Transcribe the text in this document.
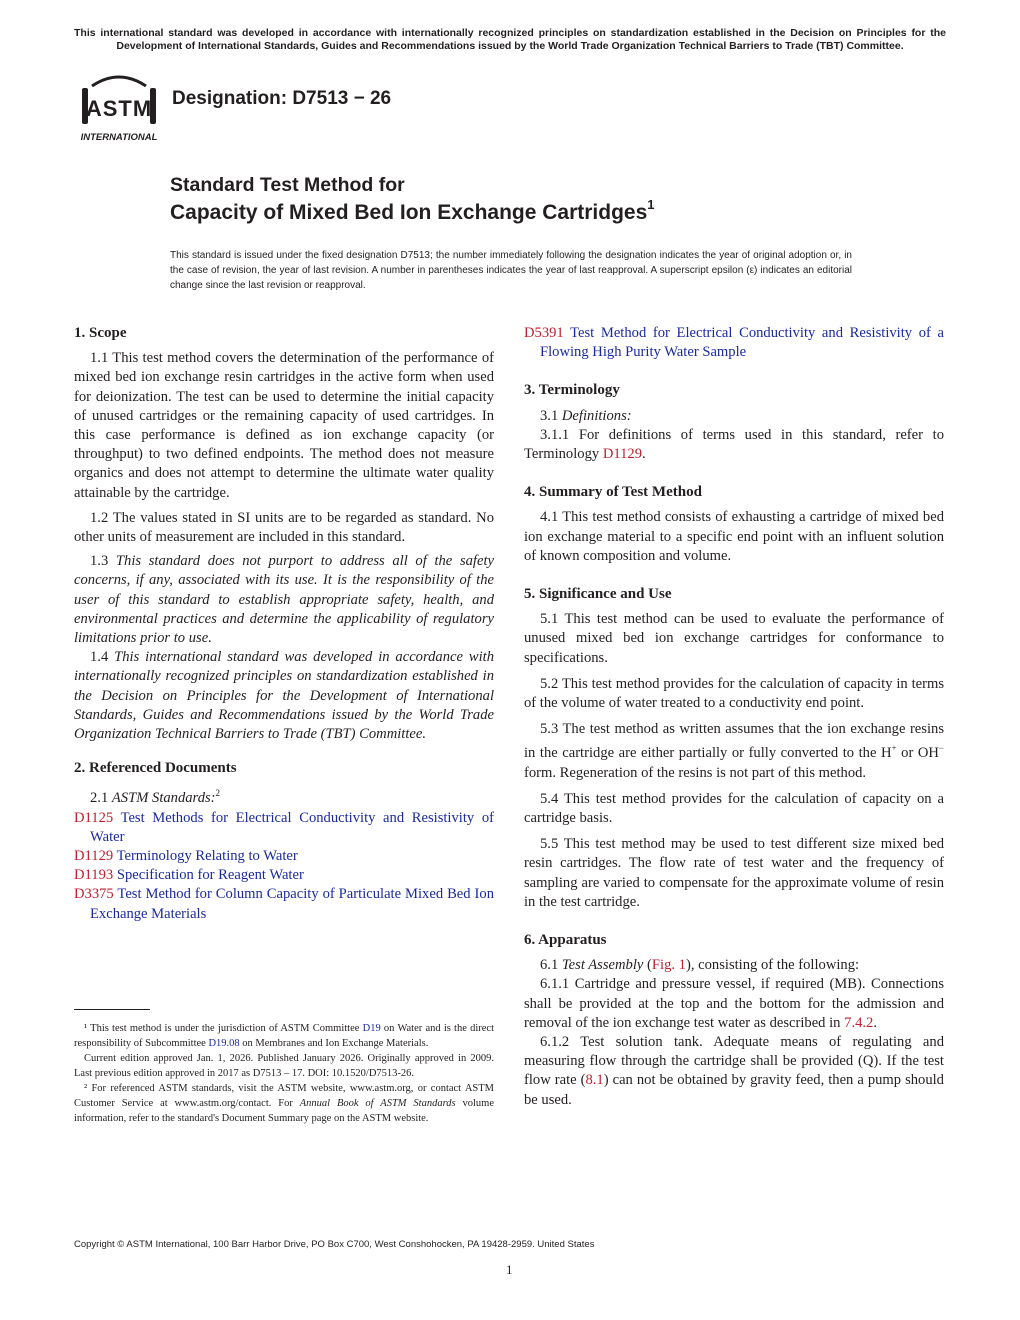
This international standard was developed in accordance with internationally recognized principles on standardization established in the Decision on Principles for the Development of International Standards, Guides and Recommendations issued by the World Trade Organization Technical Barriers to Trade (TBT) Committee.
ASTM
INTERNATIONAL
Designation: D7513 − 26
Standard Test Method for
Capacity of Mixed Bed Ion Exchange Cartridges$^1$
This standard is issued under the fixed designation D7513; the number immediately following the designation indicates the year of original adoption or, in the case of revision, the year of last revision. A number in parentheses indicates the year of last reapproval. A superscript epsilon (ε) indicates an editorial change since the last revision or reapproval.

1. Scope

1.1 This test method covers the determination of the performance of mixed bed ion exchange resin cartridges in the active form when used for deionization. The test can be used to determine the initial capacity of unused cartridges or the remaining capacity of used cartridges. In this case performance is defined as ion exchange capacity (or throughput) to two defined endpoints. The method does not measure organics and does not attempt to determine the ultimate water quality attainable by the cartridge.

1.2 The values stated in SI units are to be regarded as standard. No other units of measurement are included in this standard.

1.3 This standard does not purport to address all of the safety concerns, if any, associated with its use. It is the responsibility of the user of this standard to establish appropriate safety, health, and environmental practices and determine the applicability of regulatory limitations prior to use.

1.4 This international standard was developed in accordance with internationally recognized principles on standardization established in the Decision on Principles for the Development of International Standards, Guides and Recommendations issued by the World Trade Organization Technical Barriers to Trade (TBT) Committee.

2. Referenced Documents

2.1 ASTM Standards:$^2$

D1125 Test Methods for Electrical Conductivity and Resistivity of Water

D1129 Terminology Relating to Water

D1193 Specification for Reagent Water

D3375 Test Method for Column Capacity of Particulate Mixed Bed Ion Exchange Materials

¹ This test method is under the jurisdiction of ASTM Committee D19 on Water and is the direct responsibility of Subcommittee D19.08 on Membranes and Ion Exchange Materials.

Current edition approved Jan. 1, 2026. Published January 2026. Originally approved in 2009. Last previous edition approved in 2017 as D7513 – 17. DOI: 10.1520/D7513-26.

² For referenced ASTM standards, visit the ASTM website, www.astm.org, or contact ASTM Customer Service at www.astm.org/contact. For Annual Book of ASTM Standards volume information, refer to the standard's Document Summary page on the ASTM website.

D5391 Test Method for Electrical Conductivity and Resistivity of a Flowing High Purity Water Sample

3. Terminology

3.1 Definitions:

3.1.1 For definitions of terms used in this standard, refer to Terminology D1129.

4. Summary of Test Method

4.1 This test method consists of exhausting a cartridge of mixed bed ion exchange material to a specific end point with an influent solution of known composition and volume.

5. Significance and Use

5.1 This test method can be used to evaluate the performance of unused mixed bed ion exchange cartridges for conformance to specifications.

5.2 This test method provides for the calculation of capacity in terms of the volume of water treated to a conductivity end point.

5.3 The test method as written assumes that the ion exchange resins in the cartridge are either partially or fully converted to the H+ or OH− form. Regeneration of the resins is not part of this method.

5.4 This test method provides for the calculation of capacity on a cartridge basis.

5.5 This test method may be used to test different size mixed bed resin cartridges. The flow rate of test water and the frequency of sampling are varied to compensate for the approximate volume of resin in the test cartridge.

6. Apparatus

6.1 Test Assembly (Fig. 1), consisting of the following:

6.1.1 Cartridge and pressure vessel, if required (MB). Connections shall be provided at the top and the bottom for the admission and removal of the ion exchange test water as described in 7.4.2.

6.1.2 Test solution tank. Adequate means of regulating and measuring flow through the cartridge shall be provided (Q). If the test flow rate (8.1) can not be obtained by gravity feed, then a pump should be used.

Copyright © ASTM International, 100 Barr Harbor Drive, PO Box C700, West Conshohocken, PA 19428-2959. United States
1
